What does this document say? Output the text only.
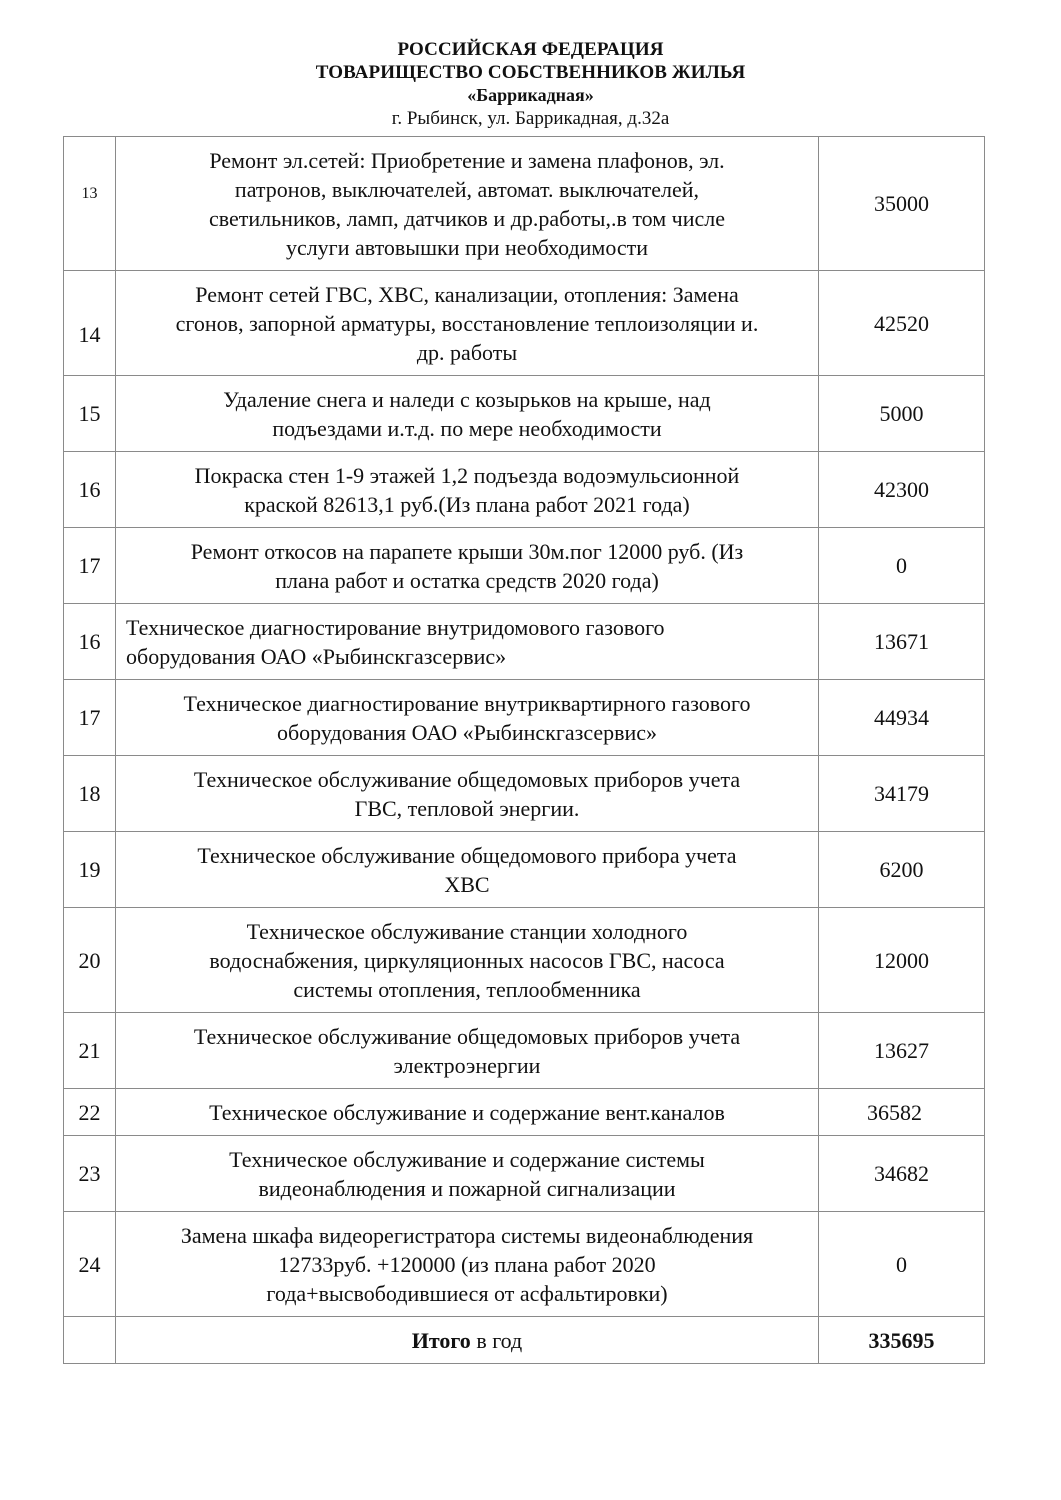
РОССИЙСКАЯ ФЕДЕРАЦИЯ
ТОВАРИЩЕСТВО СОБСТВЕННИКОВ ЖИЛЬЯ
«Баррикадная»
г. Рыбинск, ул. Баррикадная, д.32а
13	Ремонт эл.сетей: Приобретение и замена плафонов, эл.
патронов, выключателей, автомат. выключателей,
светильников, ламп, датчиков и др.работы,.в том числе
услуги автовышки при необходимости	35000
14	Ремонт сетей ГВС, ХВС, канализации, отопления: Замена
сгонов, запорной арматуры, восстановление теплоизоляции и.
др. работы	42520
15	Удаление снега и наледи с козырьков на крыше, над
подъездами и.т.д. по мере необходимости	5000
16	Покраска стен 1-9 этажей 1,2 подъезда водоэмульсионной
краской 82613,1 руб.(Из плана работ 2021 года)	42300
17	Ремонт откосов на парапете крыши 30м.пог 12000 руб. (Из
плана работ и остатка средств 2020 года)	0
16	Техническое диагностирование внутридомового газового
оборудования ОАО «Рыбинскгазсервис»	13671
17	Техническое диагностирование внутриквартирного газового
оборудования ОАО «Рыбинскгазсервис»	44934
18	Техническое обслуживание общедомовых приборов учета
ГВС, тепловой энергии.	34179
19	Техническое обслуживание общедомового прибора учета
ХВС	6200
20	Техническое обслуживание станции холодного
водоснабжения, циркуляционных насосов ГВС, насоса
системы отопления, теплообменника	12000
21	Техническое обслуживание общедомовых приборов учета
электроэнергии	13627
22	Техническое обслуживание и содержание вент.каналов	36582
23	Техническое обслуживание и содержание системы
видеонаблюдения и пожарной сигнализации	34682
24	Замена шкафа видеорегистратора системы видеонаблюдения
12733руб. +120000 (из плана работ 2020
года+высвободившиеся от асфальтировки)	0
	Итого в год	335695
